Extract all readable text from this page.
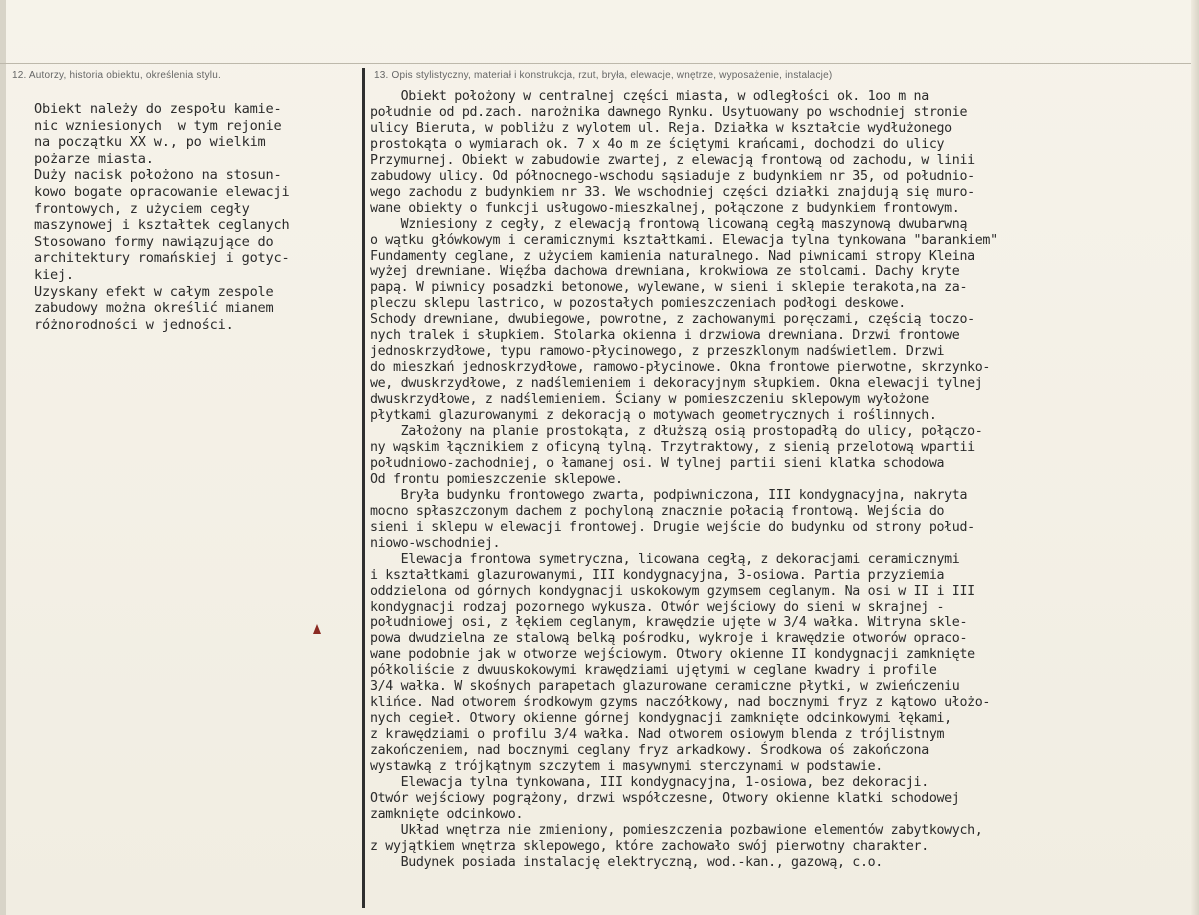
12. Autorzy, historia obiektu, określenia stylu.	13. Opis stylistyczny, materiał i konstrukcja, rzut, bryła, elewacje, wnętrze, wyposażenie, instalacje)
Obiekt należy do zespołu kamie-
nic wzniesionych  w tym rejonie
na początku XX w., po wielkim
pożarze miasta.
Duży nacisk położono na stosun-
kowo bogate opracowanie elewacji
frontowych, z użyciem cegły
maszynowej i kształtek ceglanych
Stosowano formy nawiązujące do
architektury romańskiej i gotyc-
kiej.
Uzyskany efekt w całym zespole
zabudowy można określić mianem
różnorodności w jedności.
Obiekt położony w centralnej części miasta, w odległości ok. 1oo m na
południe od pd.zach. narożnika dawnego Rynku. Usytuowany po wschodniej stronie
ulicy Bieruta, w pobliżu z wylotem ul. Reja. Działka w kształcie wydłużonego
prostokąta o wymiarach ok. 7 x 4o m ze ściętymi krańcami, dochodzi do ulicy
Przymurnej. Obiekt w zabudowie zwartej, z elewacją frontową od zachodu, w linii
zabudowy ulicy. Od północnego-wschodu sąsiaduje z budynkiem nr 35, od południo-
wego zachodu z budynkiem nr 33. We wschodniej części działki znajdują się muro-
wane obiekty o funkcji usługowo-mieszkalnej, połączone z budynkiem frontowym.
Wzniesiony z cegły, z elewacją frontową licowaną cegłą maszynową dwubarwną
o wątku główkowym i ceramicznymi kształtkami. Elewacja tylna tynkowana "barankiem"
Fundamenty ceglane, z użyciem kamienia naturalnego. Nad piwnicami stropy Kleina
wyżej drewniane. Więźba dachowa drewniana, krokwiowa ze stolcami. Dachy kryte
papą. W piwnicy posadzki betonowe, wylewane, w sieni i sklepie terakota,na za-
pleczu sklepu lastrico, w pozostałych pomieszczeniach podłogi deskowe.
Schody drewniane, dwubiegowe, powrotne, z zachowanymi poręczami, częścią toczo-
nych tralek i słupkiem. Stolarka okienna i drzwiowa drewniana. Drzwi frontowe
jednoskrzydłowe, typu ramowo-płycinowego, z przeszklonym nadświetlem. Drzwi
do mieszkań jednoskrzydłowe, ramowo-płycinowe. Okna frontowe pierwotne, skrzynko-
we, dwuskrzydłowe, z nadślemieniem i dekoracyjnym słupkiem. Okna elewacji tylnej
dwuskrzydłowe, z nadślemieniem. Ściany w pomieszczeniu sklepowym wyłożone
płytkami glazurowanymi z dekoracją o motywach geometrycznych i roślinnych.
Założony na planie prostokąta, z dłuższą osią prostopadłą do ulicy, połączo-
ny wąskim łącznikiem z oficyną tylną. Trzytraktowy, z sienią przelotową wpartii
południowo-zachodniej, o łamanej osi. W tylnej partii sieni klatka schodowa
Od frontu pomieszczenie sklepowe.
Bryła budynku frontowego zwarta, podpiwniczona, III kondygnacyjna, nakryta
mocno spłaszczonym dachem z pochyloną znacznie połacią frontową. Wejścia do
sieni i sklepu w elewacji frontowej. Drugie wejście do budynku od strony połud-
niowo-wschodniej.
Elewacja frontowa symetryczna, licowana cegłą, z dekoracjami ceramicznymi
i kształtkami glazurowanymi, III kondygnacyjna, 3-osiowa. Partia przyziemia
oddzielona od górnych kondygnacji uskokowym gzymsem ceglanym. Na osi w II i III
kondygnacji rodzaj pozornego wykusza. Otwór wejściowy do sieni w skrajnej -
południowej osi, z łękiem ceglanym, krawędzie ujęte w 3/4 wałka. Witryna skle-
powa dwudzielna ze stalową belką pośrodku, wykroje i krawędzie otworów opraco-
wane podobnie jak w otworze wejściowym. Otwory okienne II kondygnacji zamknięte
półkoliście z dwuuskokowymi krawędziami ujętymi w ceglane kwadry i profile
3/4 wałka. W skośnych parapetach glazurowane ceramiczne płytki, w zwieńczeniu
klińce. Nad otworem środkowym gzyms naczółkowy, nad bocznymi fryz z kątowo ułożo-
nych cegieł. Otwory okienne górnej kondygnacji zamknięte odcinkowymi łękami,
z krawędziami o profilu 3/4 wałka. Nad otworem osiowym blenda z trójlistnym
zakończeniem, nad bocznymi ceglany fryz arkadkowy. Środkowa oś zakończona
wystawką z trójkątnym szczytem i masywnymi sterczynami w podstawie.
Elewacja tylna tynkowana, III kondygnacyjna, 1-osiowa, bez dekoracji.
Otwór wejściowy pogrążony, drzwi współczesne, Otwory okienne klatki schodowej
zamknięte odcinkowo.
Układ wnętrza nie zmieniony, pomieszczenia pozbawione elementów zabytkowych,
z wyjątkiem wnętrza sklepowego, które zachowało swój pierwotny charakter.
Budynek posiada instalację elektryczną, wod.-kan., gazową, c.o.
